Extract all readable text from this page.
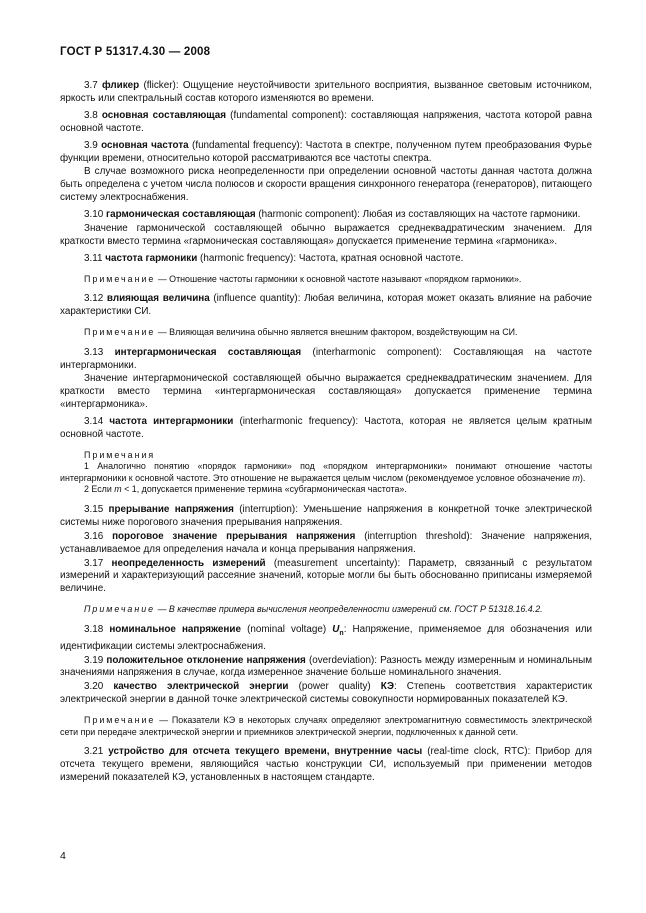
ГОСТ Р 51317.4.30 — 2008

3.7 фликер (flicker): Ощущение неустойчивости зрительного восприятия, вызванное световым источником, яркость или спектральный состав которого изменяются во времени.

3.8 основная составляющая (fundamental component): составляющая напряжения, частота которой равна основной частоте.

3.9 основная частота (fundamental frequency): Частота в спектре, полученном путем преобразования Фурье функции времени, относительно которой рассматриваются все частоты спектра.

В случае возможного риска неопределенности при определении основной частоты данная частота должна быть определена с учетом числа полюсов и скорости вращения синхронного генератора (генераторов), питающего систему электроснабжения.

3.10 гармоническая составляющая (harmonic component): Любая из составляющих на частоте гармоники.

Значение гармонической составляющей обычно выражается среднеквадратическим значением. Для краткости вместо термина «гармоническая составляющая» допускается применение термина «гармоника».

3.11 частота гармоники (harmonic frequency): Частота, кратная основной частоте.

Примечание — Отношение частоты гармоники к основной частоте называют «порядком гармоники».

3.12 влияющая величина (influence quantity): Любая величина, которая может оказать влияние на рабочие характеристики СИ.

Примечание — Влияющая величина обычно является внешним фактором, воздействующим на СИ.

3.13 интергармоническая составляющая (interharmonic component): Составляющая на частоте интергармоники.

Значение интергармонической составляющей обычно выражается среднеквадратическим значением. Для краткости вместо термина «интергармоническая составляющая» допускается применение термина «интергармоника».

3.14 частота интергармоники (interharmonic frequency): Частота, которая не является целым кратным основной частоте.

Примечания

1 Аналогично понятию «порядок гармоники» под «порядком интергармоники» понимают отношение частоты интергармоники к основной частоте. Это отношение не выражается целым числом (рекомендуемое условное обозначение m).

2 Если m < 1, допускается применение термина «субгармоническая частота».

3.15 прерывание напряжения (interruption): Уменьшение напряжения в конкретной точке электрической системы ниже порогового значения прерывания напряжения.

3.16 пороговое значение прерывания напряжения (interruption threshold): Значение напряжения, устанавливаемое для определения начала и конца прерывания напряжения.

3.17 неопределенность измерений (measurement uncertainty): Параметр, связанный с результатом измерений и характеризующий рассеяние значений, которые могли бы быть обоснованно приписаны измеряемой величине.

Примечание — В качестве примера вычисления неопределенности измерений см. ГОСТ Р 51318.16.4.2.

3.18 номинальное напряжение (nominal voltage) $U_n$: Напряжение, применяемое для обозначения или идентификации системы электроснабжения.

3.19 положительное отклонение напряжения (overdeviation): Разность между измеренным и номинальным значениями напряжения в случае, когда измеренное значение больше номинального значения.

3.20 качество электрической энергии (power quality) КЭ: Степень соответствия характеристик электрической энергии в данной точке электрической системы совокупности нормированных показателей КЭ.

Примечание — Показатели КЭ в некоторых случаях определяют электромагнитную совместимость электрической сети при передаче электрической энергии и приемников электрической энергии, подключенных к данной сети.

3.21 устройство для отсчета текущего времени, внутренние часы (real-time clock, RTC): Прибор для отсчета текущего времени, являющийся частью конструкции СИ, используемый при применении методов измерений показателей КЭ, установленных в настоящем стандарте.

4
